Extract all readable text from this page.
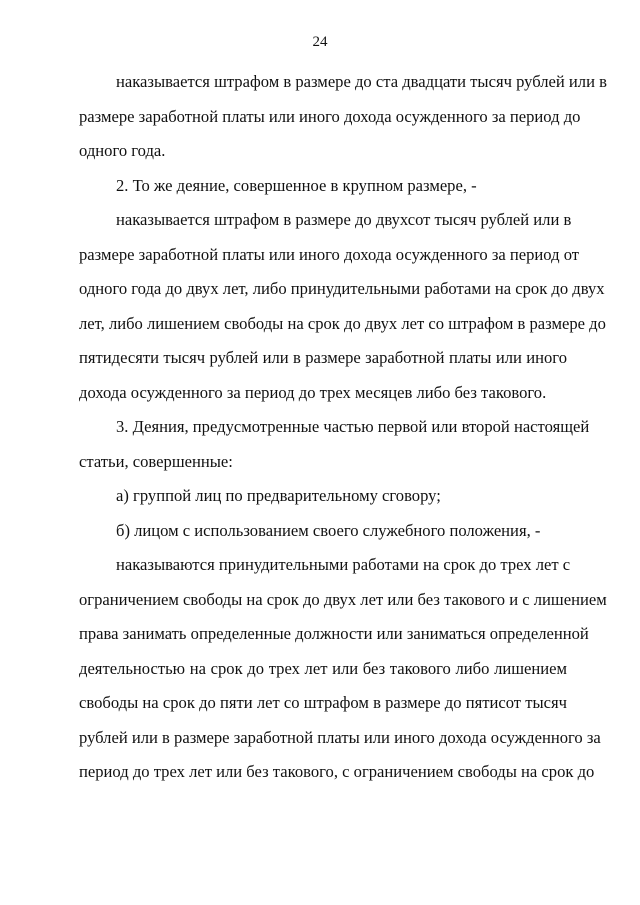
24
наказывается штрафом в размере до ста двадцати тысяч рублей или в
размере заработной платы или иного дохода осужденного за период до
одного года.
2. То же деяние, совершенное в крупном размере, -
наказывается штрафом в размере до двухсот тысяч рублей или в
размере заработной платы или иного дохода осужденного за период от
одного года до двух лет, либо принудительными работами на срок до двух
лет, либо лишением свободы на срок до двух лет со штрафом в размере до
пятидесяти тысяч рублей или в размере заработной платы или иного
дохода осужденного за период до трех месяцев либо без такового.
3. Деяния, предусмотренные частью первой или второй настоящей
статьи, совершенные:
а) группой лиц по предварительному сговору;
б) лицом с использованием своего служебного положения, -
наказываются принудительными работами на срок до трех лет с
ограничением свободы на срок до двух лет или без такового и с лишением
права занимать определенные должности или заниматься определенной
деятельностью на срок до трех лет или без такового либо лишением
свободы на срок до пяти лет со штрафом в размере до пятисот тысяч
рублей или в размере заработной платы или иного дохода осужденного за
период до трех лет или без такового, с ограничением свободы на срок до
